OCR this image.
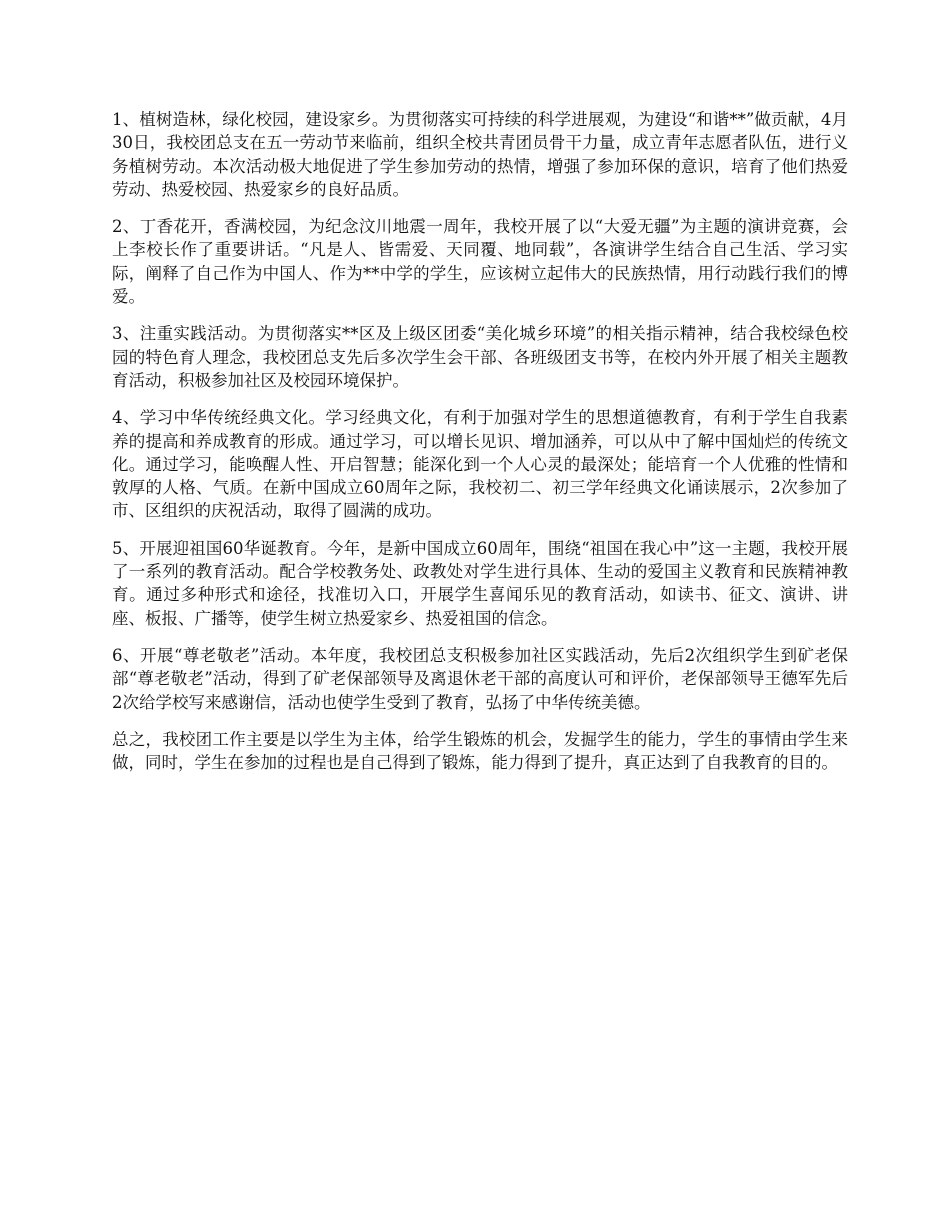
1、植树造林，绿化校园，建设家乡。为贯彻落实可持续的科学进展观，为建设“和谐**”做贡献，4月30日，我校团总支在五一劳动节来临前，组织全校共青团员骨干力量，成立青年志愿者队伍，进行义务植树劳动。本次活动极大地促进了学生参加劳动的热情，增强了参加环保的意识，培育了他们热爱劳动、热爱校园、热爱家乡的良好品质。

2、丁香花开，香满校园，为纪念汶川地震一周年，我校开展了以“大爱无疆”为主题的演讲竞赛，会上李校长作了重要讲话。“凡是人、皆需爱、天同覆、地同载”，各演讲学生结合自己生活、学习实际，阐释了自己作为中国人、作为**中学的学生，应该树立起伟大的民族热情，用行动践行我们的博爱。

3、注重实践活动。为贯彻落实**区及上级区团委“美化城乡环境”的相关指示精神，结合我校绿色校园的特色育人理念，我校团总支先后多次学生会干部、各班级团支书等，在校内外开展了相关主题教育活动，积极参加社区及校园环境保护。

4、学习中华传统经典文化。学习经典文化，有利于加强对学生的思想道德教育，有利于学生自我素养的提高和养成教育的形成。通过学习，可以增长见识、增加涵养，可以从中了解中国灿烂的传统文化。通过学习，能唤醒人性、开启智慧；能深化到一个人心灵的最深处；能培育一个人优雅的性情和敦厚的人格、气质。在新中国成立60周年之际，我校初二、初三学年经典文化诵读展示，2次参加了市、区组织的庆祝活动，取得了圆满的成功。

5、开展迎祖国60华诞教育。今年，是新中国成立60周年，围绕“祖国在我心中”这一主题，我校开展了一系列的教育活动。配合学校教务处、政教处对学生进行具体、生动的爱国主义教育和民族精神教育。通过多种形式和途径，找准切入口，开展学生喜闻乐见的教育活动，如读书、征文、演讲、讲座、板报、广播等，使学生树立热爱家乡、热爱祖国的信念。

6、开展“尊老敬老”活动。本年度，我校团总支积极参加社区实践活动，先后2次组织学生到矿老保部“尊老敬老”活动，得到了矿老保部领导及离退休老干部的高度认可和评价，老保部领导王德军先后2次给学校写来感谢信，活动也使学生受到了教育，弘扬了中华传统美德。

总之，我校团工作主要是以学生为主体，给学生锻炼的机会，发掘学生的能力，学生的事情由学生来做，同时，学生在参加的过程也是自己得到了锻炼，能力得到了提升，真正达到了自我教育的目的。
